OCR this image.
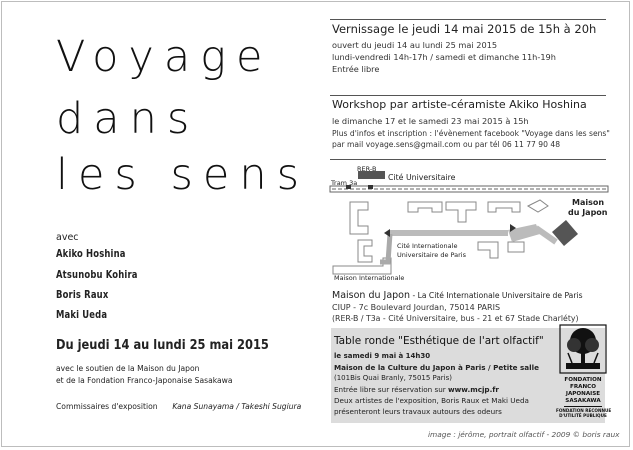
Voyage
dans
les sens
avec
Akiko Hoshina
Atsunobu Kohira
Boris Raux
Maki Ueda
Du jeudi 14 au lundi 25 mai 2015
avec le soutien de la Maison du Japon
et de la Fondation Franco-Japonaise Sasakawa
Commissaires d'exposition Kana Sunayama / Takeshi Sugiura
Vernissage le jeudi 14 mai 2015 de 15h à 20h
ouvert du jeudi 14 au lundi 25 mai 2015
lundi-vendredi 14h-17h / samedi et dimanche 11h-19h
Entrée libre
Workshop par artiste-céramiste Akiko Hoshina
le dimanche 17 et le samedi 23 mai 2015 à 15h
Plus d'infos et inscription : l'évènement facebook "Voyage dans les sens"
par mail voyage.sens@gmail.com ou par tél 06 11 77 90 48
RER-B
Cité Universitaire
Tram 3a
Maison
du Japon
Cité Internationale
Universitaire de Paris
Maison Internationale
Maison du Japon - La Cité Internationale Universitaire de Paris
CIUP - 7c Boulevard Jourdan, 75014 PARIS
(RER-B / T3a - Cité Universitaire, bus - 21 et 67 Stade Charléty)
Table ronde "Esthétique de l'art olfactif"
le samedi 9 mai à 14h30
Maison de la Culture du Japon à Paris / Petite salle
(101Bis Quai Branly, 75015 Paris)
Entrée libre sur réservation sur www.mcjp.fr
Deux artistes de l'exposition, Boris Raux et Maki Ueda
présenteront leurs travaux autours des odeurs
FONDATION
FRANCO
JAPONAISE
SASAKAWA
FONDATION RECONNUE
D'UTILITÉ PUBLIQUE
image : jérôme, portrait olfactif - 2009 © boris raux
